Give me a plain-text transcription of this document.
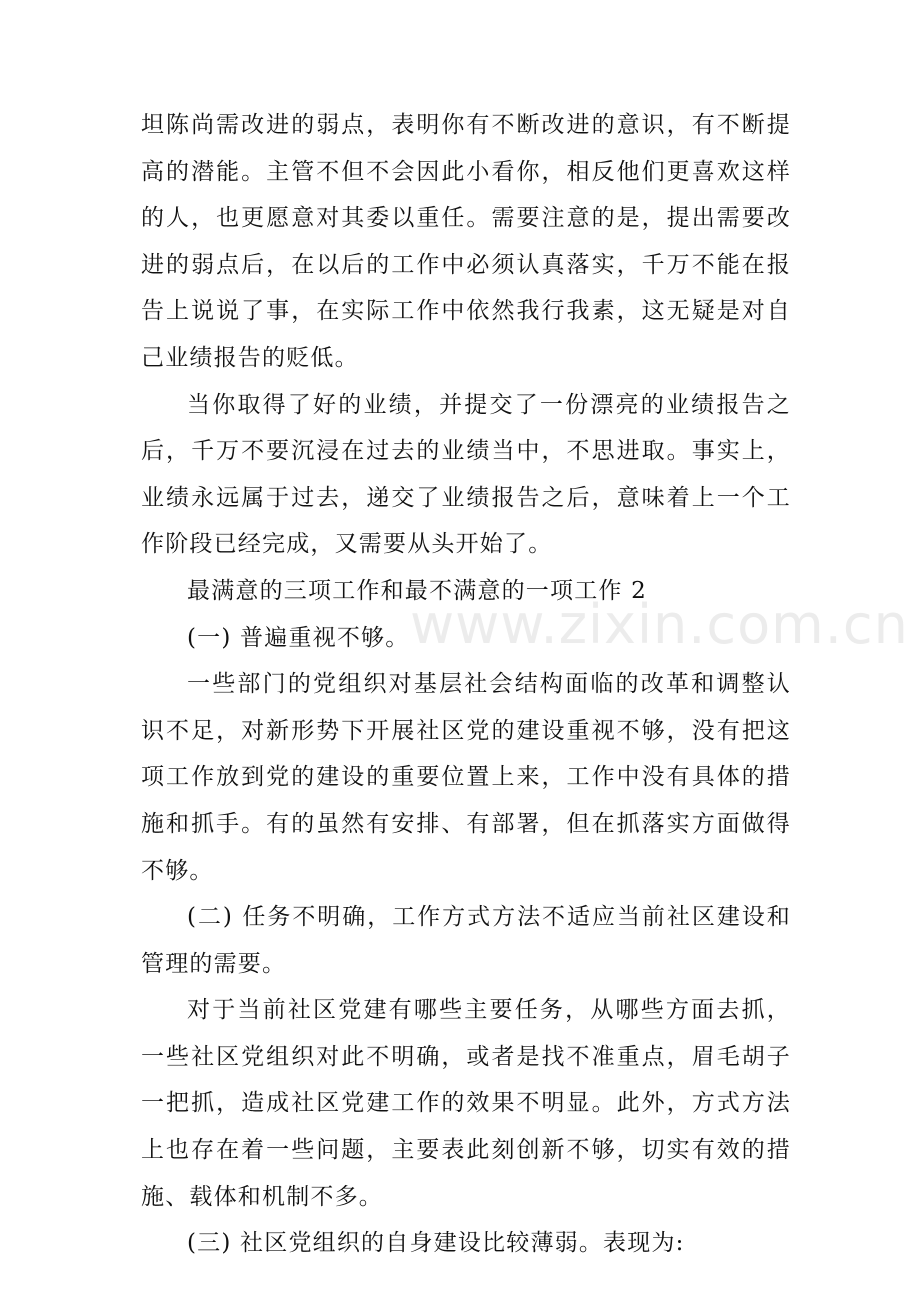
坦陈尚需改进的弱点，表明你有不断改进的意识，有不断提高的潜能。主管不但不会因此小看你，相反他们更喜欢这样的人，也更愿意对其委以重任。需要注意的是，提出需要改进的弱点后，在以后的工作中必须认真落实，千万不能在报告上说说了事，在实际工作中依然我行我素，这无疑是对自己业绩报告的贬低。

当你取得了好的业绩，并提交了一份漂亮的业绩报告之后，千万不要沉浸在过去的业绩当中，不思进取。事实上，业绩永远属于过去，递交了业绩报告之后，意味着上一个工作阶段已经完成，又需要从头开始了。

最满意的三项工作和最不满意的一项工作 2

(一) 普遍重视不够。

一些部门的党组织对基层社会结构面临的改革和调整认识不足，对新形势下开展社区党的建设重视不够，没有把这项工作放到党的建设的重要位置上来，工作中没有具体的措施和抓手。有的虽然有安排、有部署，但在抓落实方面做得不够。

(二) 任务不明确，工作方式方法不适应当前社区建设和管理的需要。

对于当前社区党建有哪些主要任务，从哪些方面去抓，一些社区党组织对此不明确，或者是找不准重点，眉毛胡子一把抓，造成社区党建工作的效果不明显。此外，方式方法上也存在着一些问题，主要表此刻创新不够，切实有效的措施、载体和机制不多。

(三) 社区党组织的自身建设比较薄弱。表现为:

www.zixin.com.cn
